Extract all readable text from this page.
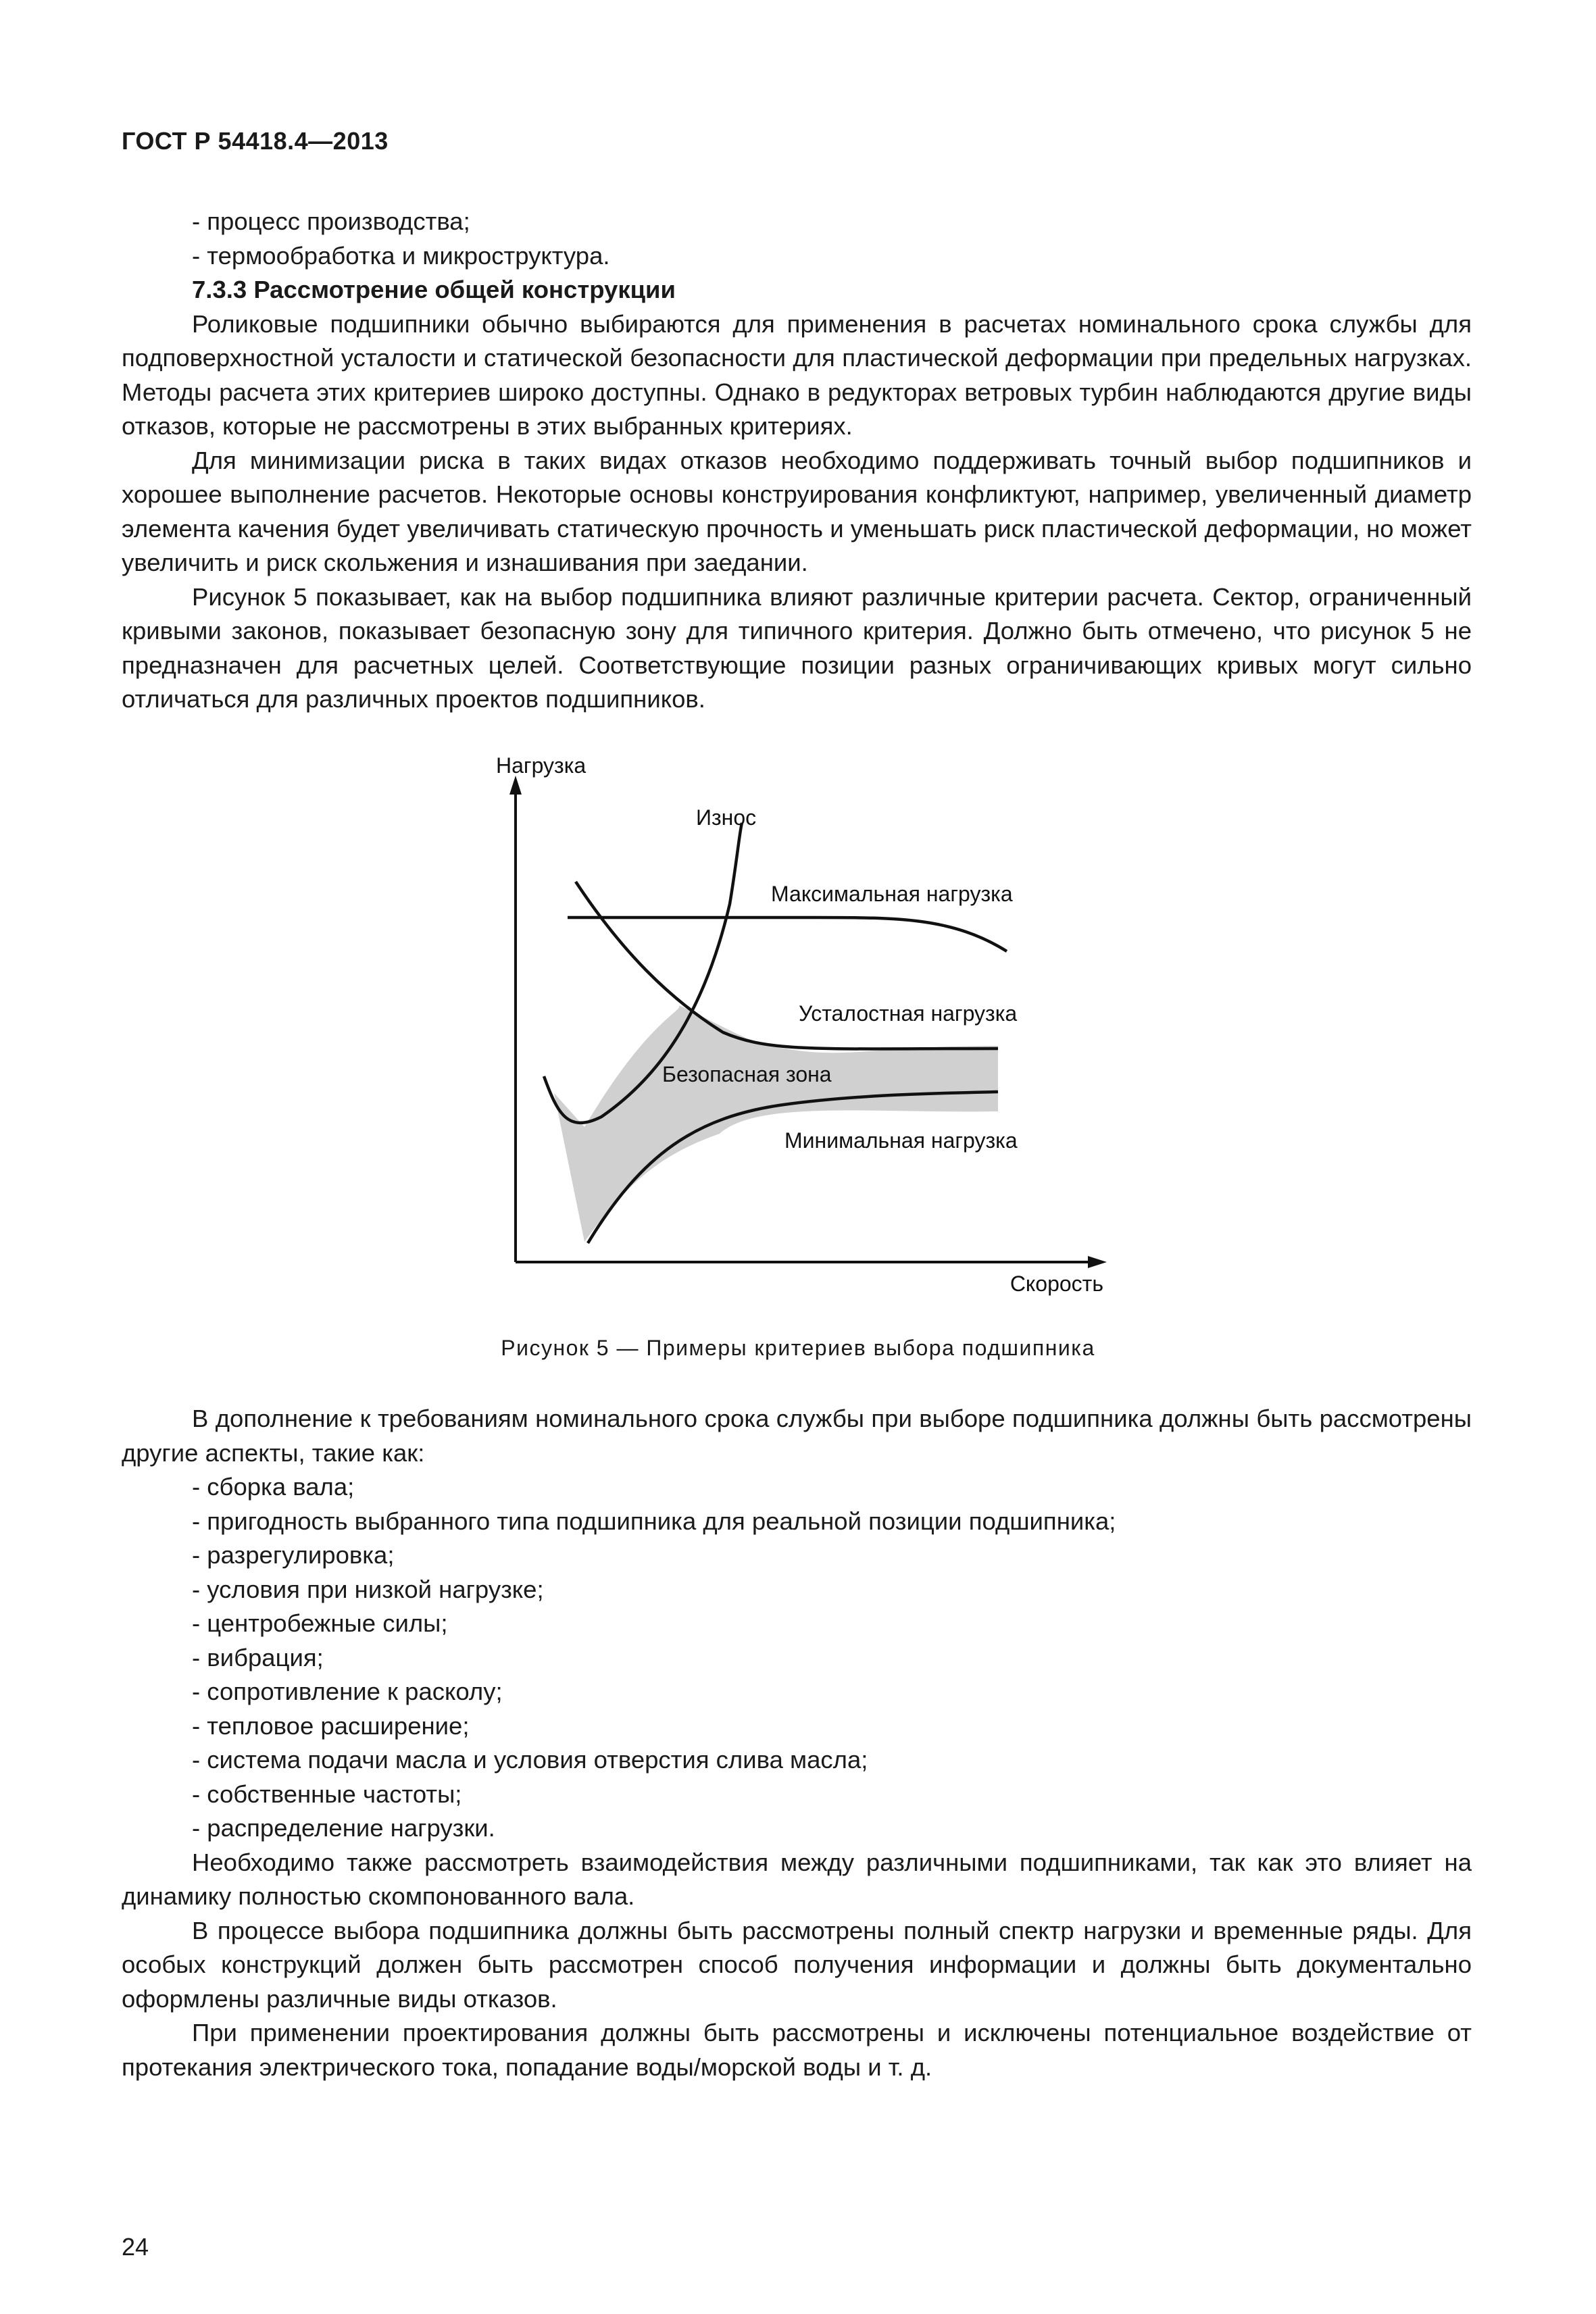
ГОСТ Р 54418.4—2013

- процесс производства;

- термообработка и микроструктура.

7.3.3 Рассмотрение общей конструкции

Роликовые подшипники обычно выбираются для применения в расчетах номинального срока службы для подповерхностной усталости и статической безопасности для пластической деформации при предельных нагрузках. Методы расчета этих критериев широко доступны. Однако в редукторах ветровых турбин наблюдаются другие виды отказов, которые не рассмотрены в этих выбранных критериях.

Для минимизации риска в таких видах отказов необходимо поддерживать точный выбор подшипников и хорошее выполнение расчетов. Некоторые основы конструирования конфликтуют, например, увеличенный диаметр элемента качения будет увеличивать статическую прочность и уменьшать риск пластической деформации, но может увеличить и риск скольжения и изнашивания при заедании.

Рисунок 5 показывает, как на выбор подшипника влияют различные критерии расчета. Сектор, ограниченный кривыми законов, показывает безопасную зону для типичного критерия. Должно быть отмечено, что рисунок 5 не предназначен для расчетных целей. Соответствующие позиции разных ограничивающих кривых могут сильно отличаться для различных проектов подшипников.

Нагрузка
Скорость
Износ
Максимальная нагрузка
Усталостная нагрузка
Безопасная зона
Минимальная нагрузка
Рисунок 5 — Примеры критериев выбора подшипника

В дополнение к требованиям номинального срока службы при выборе подшипника должны быть рассмотрены другие аспекты, такие как:

- сборка вала;

- пригодность выбранного типа подшипника для реальной позиции подшипника;

- разрегулировка;

- условия при низкой нагрузке;

- центробежные силы;

- вибрация;

- сопротивление к расколу;

- тепловое расширение;

- система подачи масла и условия отверстия слива масла;

- собственные частоты;

- распределение нагрузки.

Необходимо также рассмотреть взаимодействия между различными подшипниками, так как это влияет на динамику полностью скомпонованного вала.

В процессе выбора подшипника должны быть рассмотрены полный спектр нагрузки и временные ряды. Для особых конструкций должен быть рассмотрен способ получения информации и должны быть документально оформлены различные виды отказов.

При применении проектирования должны быть рассмотрены и исключены потенциальное воздействие от протекания электрического тока, попадание воды/морской воды и т. д.

24
